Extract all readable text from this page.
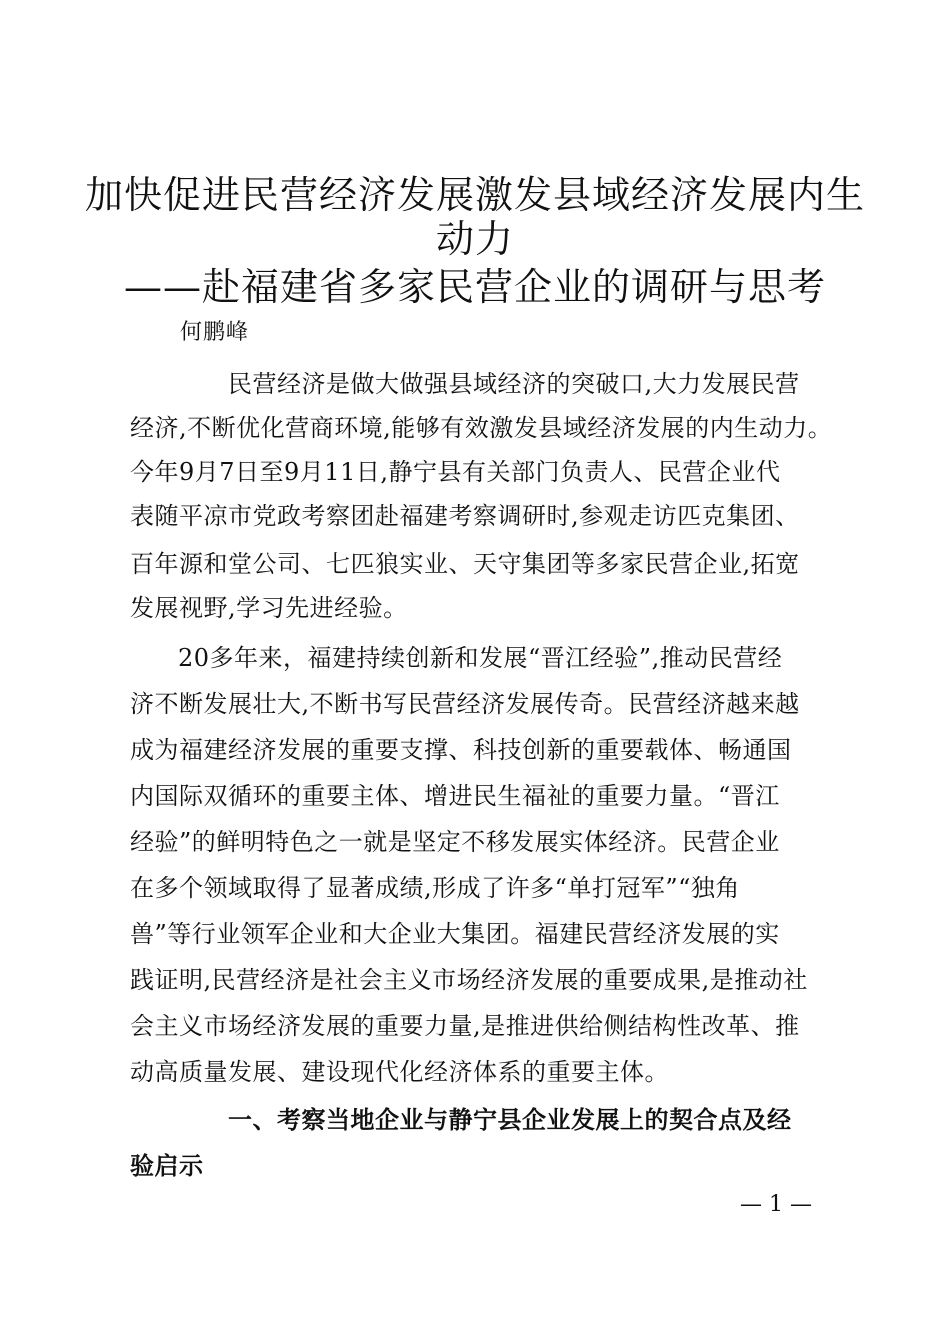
加快促进民营经济发展激发县域经济发展内生
动力
——赴福建省多家民营企业的调研与思考
何鹏峰
民营经济是做大做强县域经济的突破口,大力发展民营
经济,不断优化营商环境,能够有效激发县域经济发展的内生动力。
今年9月7日至9月11日,静宁县有关部门负责人、民营企业代
表随平凉市党政考察团赴福建考察调研时,参观走访匹克集团、
百年源和堂公司、七匹狼实业、天守集团等多家民营企业,拓宽
发展视野,学习先进经验。
20多年来，福建持续创新和发展“晋江经验”,推动民营经
济不断发展壮大,不断书写民营经济发展传奇。民营经济越来越
成为福建经济发展的重要支撑、科技创新的重要载体、畅通国
内国际双循环的重要主体、增进民生福祉的重要力量。“晋江
经验”的鲜明特色之一就是坚定不移发展实体经济。民营企业
在多个领域取得了显著成绩,形成了许多“单打冠军”“独角
兽”等行业领军企业和大企业大集团。福建民营经济发展的实
践证明,民营经济是社会主义市场经济发展的重要成果,是推动社
会主义市场经济发展的重要力量,是推进供给侧结构性改革、推
动高质量发展、建设现代化经济体系的重要主体。
一、考察当地企业与静宁县企业发展上的契合点及经
验启示
— 1 —
